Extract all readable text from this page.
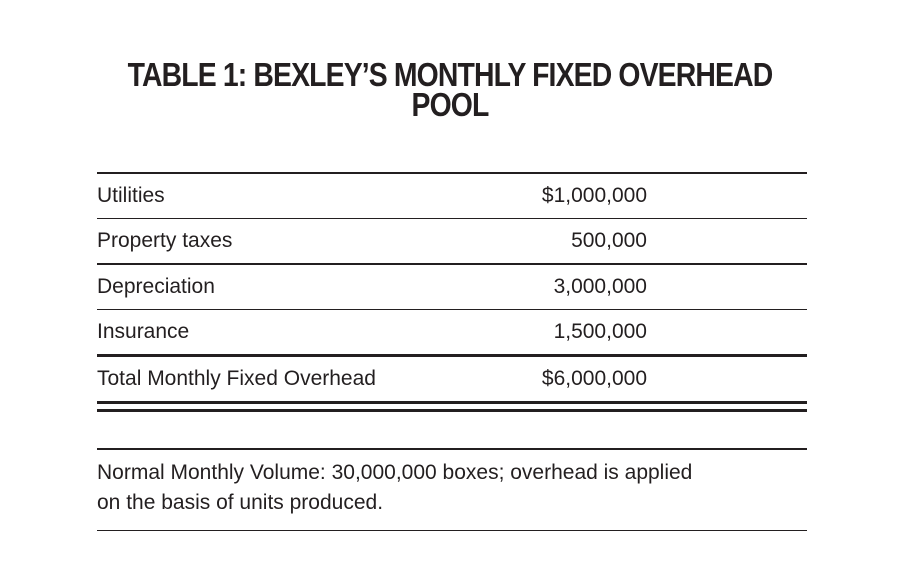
TABLE 1: BEXLEY’S MONTHLY FIXED OVERHEAD
POOL
Utilities	$1,000,000
Property taxes	500,000
Depreciation	3,000,000
Insurance	1,500,000
Total Monthly Fixed Overhead	$6,000,000
Normal Monthly Volume: 30,000,000 boxes; overhead is applied
on the basis of units produced.
